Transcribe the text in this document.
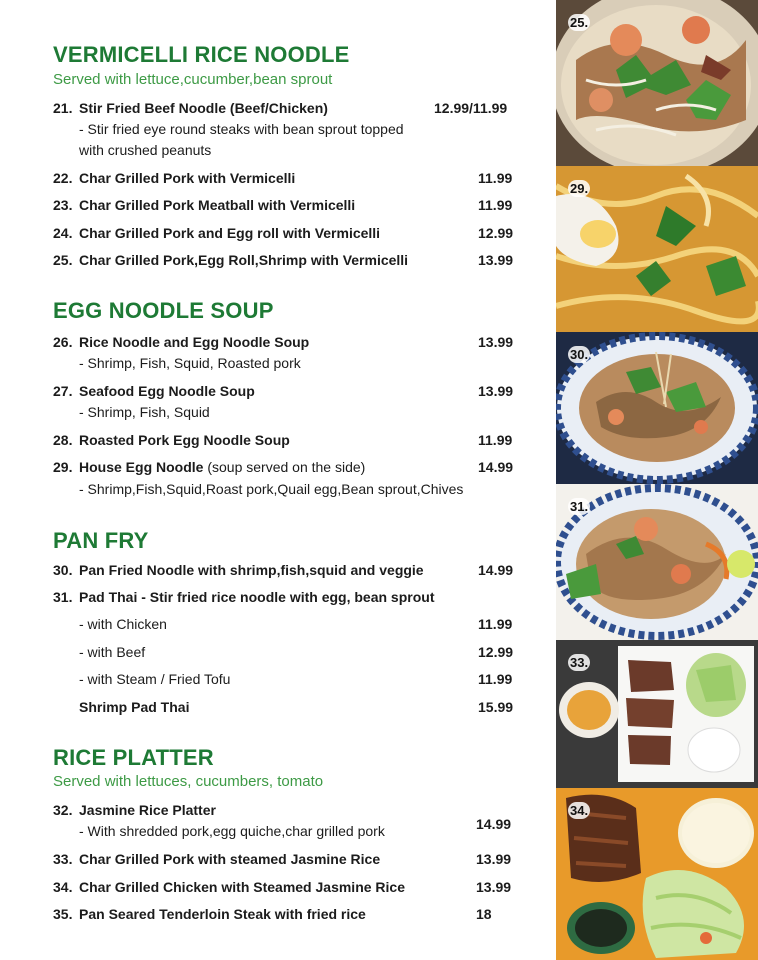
VERMICELLI RICE NOODLE
Served with lettuce,cucumber,bean sprout
21. Stir Fried Beef Noodle (Beef/Chicken)	12.99/11.99
- Stir fried eye round steaks with bean sprout topped
with crushed peanuts
22. Char Grilled Pork with Vermicelli	11.99
23. Char Grilled Pork Meatball with Vermicelli	11.99
24. Char Grilled Pork and Egg roll with Vermicelli	12.99
25. Char Grilled Pork,Egg Roll,Shrimp with Vermicelli	13.99
EGG NOODLE SOUP
26. Rice Noodle and Egg Noodle Soup	13.99
- Shrimp, Fish, Squid, Roasted pork
27. Seafood Egg Noodle Soup	13.99
- Shrimp, Fish, Squid
28. Roasted Pork Egg Noodle Soup	11.99
29. House Egg Noodle (soup served on the side)	14.99
- Shrimp,Fish,Squid,Roast pork,Quail egg,Bean sprout,Chives
PAN FRY
30. Pan Fried Noodle with shrimp,fish,squid and veggie	14.99
31. Pad Thai - Stir fried rice noodle with egg, bean sprout
- with Chicken	11.99
- with Beef	12.99
- with Steam / Fried Tofu	11.99
Shrimp Pad Thai	15.99
RICE PLATTER
Served with lettuces, cucumbers, tomato
32. Jasmine Rice Platter
- With shredded pork,egg quiche,char grilled pork	14.99
33. Char Grilled Pork with steamed Jasmine Rice	13.99
34. Char Grilled Chicken with Steamed Jasmine Rice	13.99
35. Pan Seared Tenderloin Steak with fried rice	18
25.
29.
30.
31.
33.
34.
